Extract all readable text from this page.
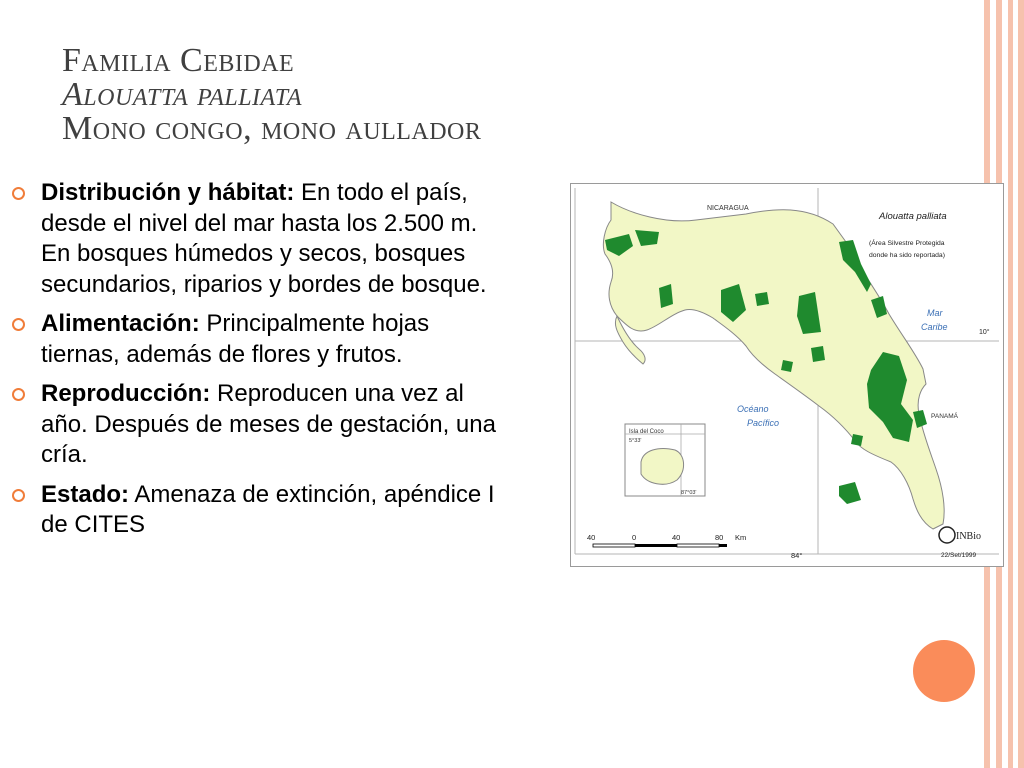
Familia Cebidae
Alouatta palliata
Mono congo, mono aullador
Distribución y hábitat: En todo el país, desde el nivel del mar hasta los 2.500 m. En bosques húmedos y secos, bosques secundarios, riparios y bordes de bosque.
Alimentación: Principalmente hojas tiernas, además de flores y frutos.
Reproducción: Reproducen una vez al año. Después de meses de gestación, una cría.
Estado: Amenaza de extinción, apéndice I de CITES
Isla del Coco
5°33'
87°03'
NICARAGUA
Alouatta palliata
(Área Silvestre Protegida
donde ha sido reportada)
Mar
Caribe
10°
Océano
Pacífico
PANAMÁ
40	0	40	80 Km
84°
INBio
22/Set/1999
